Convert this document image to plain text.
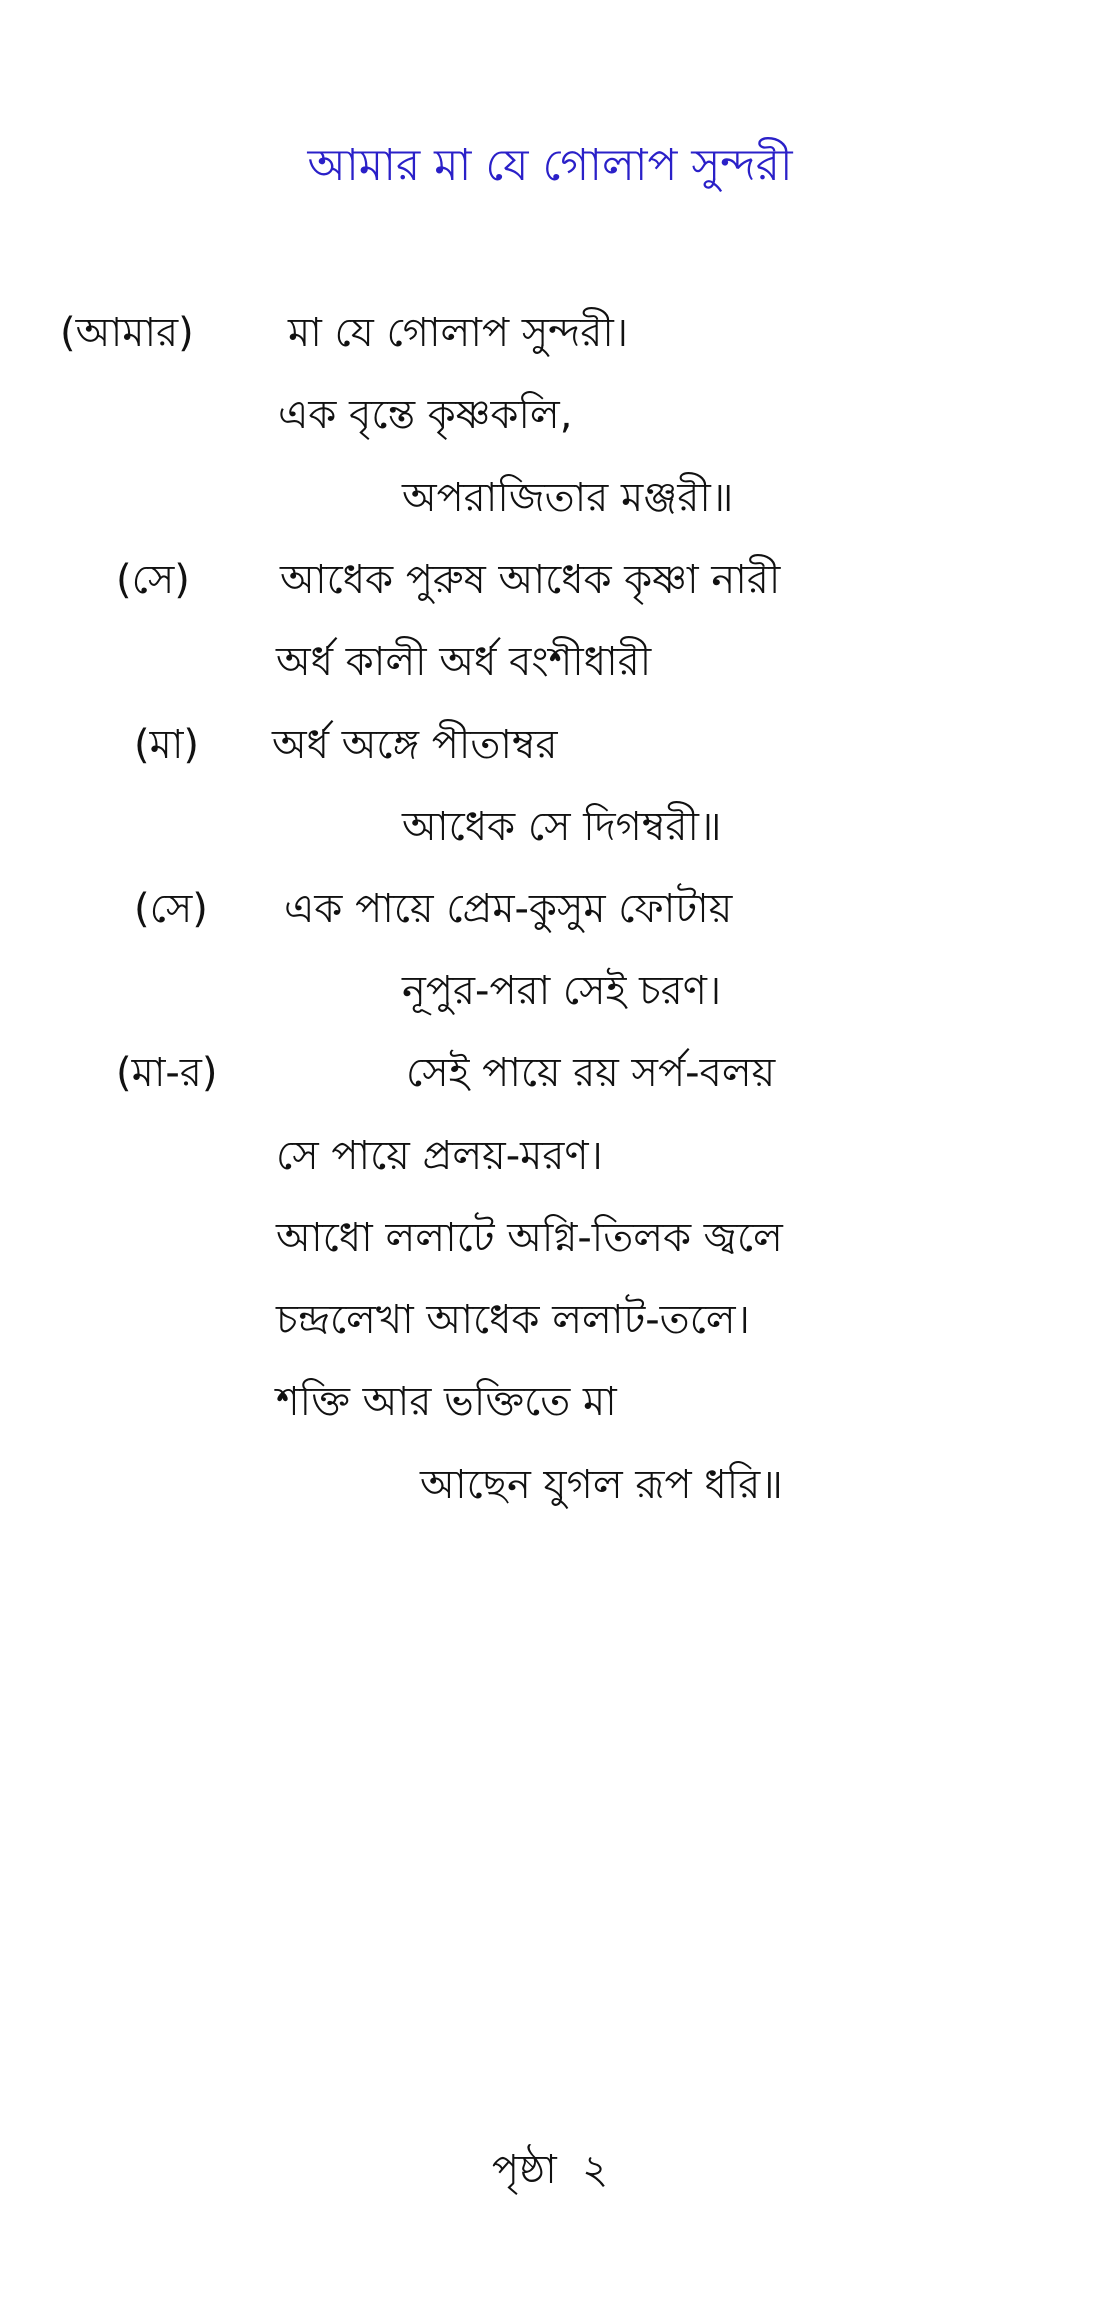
আমার মা যে গোলাপ সুন্দরী
(আমার) মা যে গোলাপ সুন্দরী।
এক বৃন্তে কৃষ্ণকলি,
অপরাজিতার মঞ্জরী॥
(সে) আধেক পুরুষ আধেক কৃষ্ণা নারী
অর্ধ কালী অর্ধ বংশীধারী
(মা) অর্ধ অঙ্গে পীতাম্বর
আধেক সে দিগম্বরী॥
(সে) এক পায়ে প্রেম-কুসুম ফোটায়
নূপুর-পরা সেই চরণ।
(মা-র)	সেই পায়ে রয় সর্প-বলয়
সে পায়ে প্রলয়-মরণ।
আধো ললাটে অগ্নি-তিলক জ্বলে
চন্দ্রলেখা আধেক ললাট-তলে।
শক্তি আর ভক্তিতে মা
আছেন যুগল রূপ ধরি॥
পৃষ্ঠা  ২
